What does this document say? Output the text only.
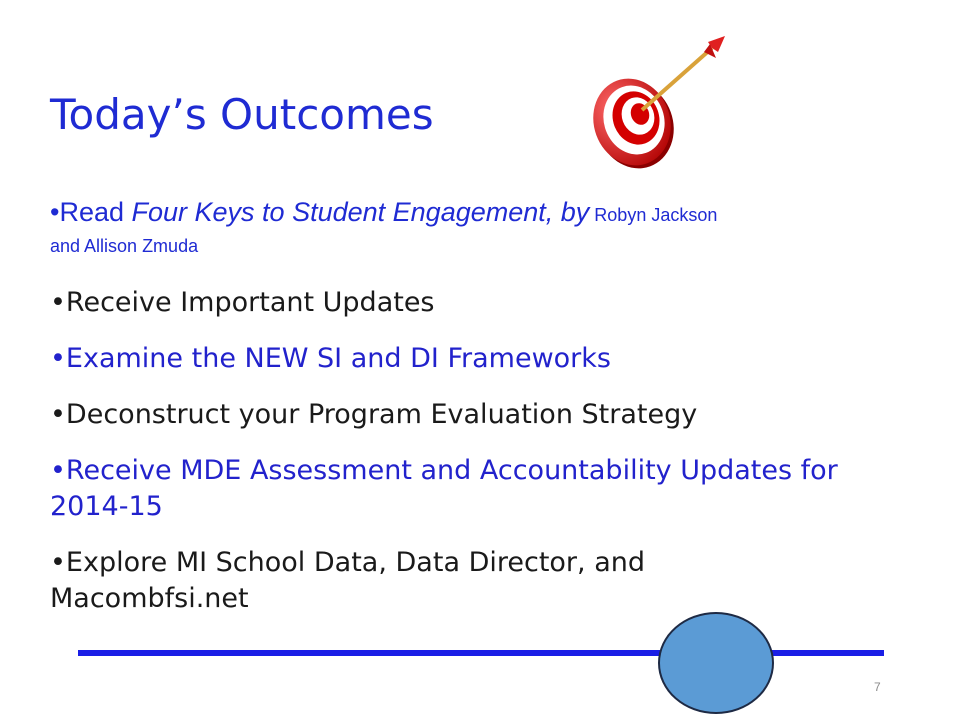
Today’s Outcomes

•Read Four Keys to Student Engagement, by Robyn Jackson
and Allison Zmuda

•Receive Important Updates

•Examine the NEW SI and DI Frameworks

•Deconstruct your Program Evaluation Strategy

•Receive MDE Assessment and Accountability Updates for 2014-15

•Explore MI School Data, Data Director, and Macombfsi.net

7
